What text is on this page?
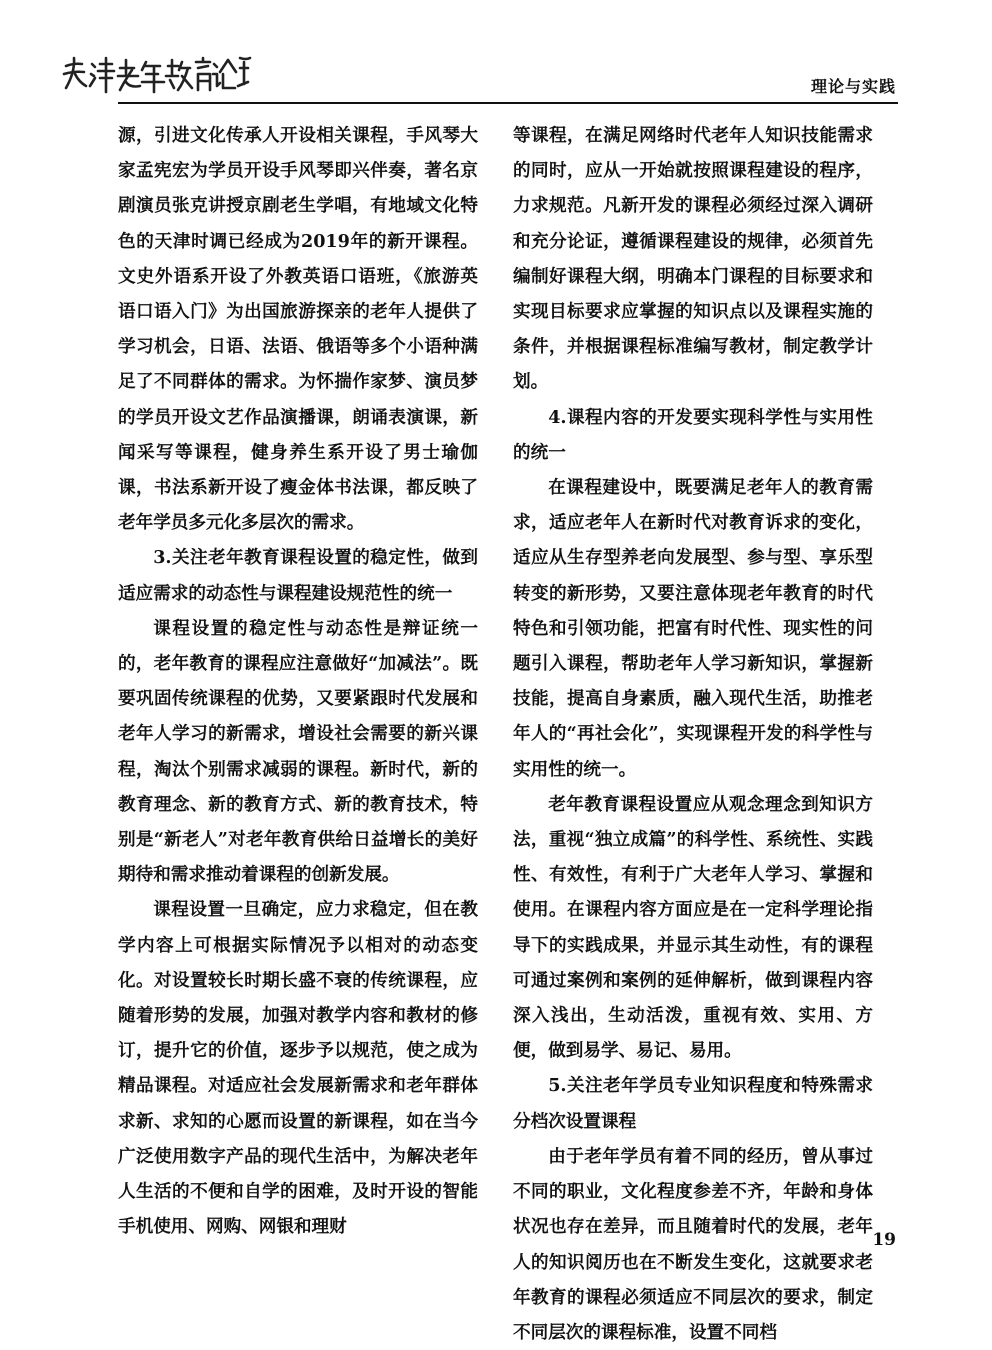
理论与实践

源，引进文化传承人开设相关课程，手风琴大家孟宪宏为学员开设手风琴即兴伴奏，著名京剧演员张克讲授京剧老生学唱，有地域文化特色的天津时调已经成为2019年的新开课程。文史外语系开设了外教英语口语班，《旅游英语口语入门》为出国旅游探亲的老年人提供了学习机会，日语、法语、俄语等多个小语种满足了不同群体的需求。为怀揣作家梦、演员梦的学员开设文艺作品演播课，朗诵表演课，新闻采写等课程，健身养生系开设了男士瑜伽课，书法系新开设了瘦金体书法课，都反映了老年学员多元化多层次的需求。

3.关注老年教育课程设置的稳定性，做到适应需求的动态性与课程建设规范性的统一

课程设置的稳定性与动态性是辩证统一的，老年教育的课程应注意做好“加减法”。既要巩固传统课程的优势，又要紧跟时代发展和老年人学习的新需求，增设社会需要的新兴课程，淘汰个别需求减弱的课程。新时代，新的教育理念、新的教育方式、新的教育技术，特别是“新老人”对老年教育供给日益增长的美好期待和需求推动着课程的创新发展。

课程设置一旦确定，应力求稳定，但在教学内容上可根据实际情况予以相对的动态变化。对设置较长时期长盛不衰的传统课程，应随着形势的发展，加强对教学内容和教材的修订，提升它的价值，逐步予以规范，使之成为精品课程。对适应社会发展新需求和老年群体求新、求知的心愿而设置的新课程，如在当今广泛使用数字产品的现代生活中，为解决老年人生活的不便和自学的困难，及时开设的智能手机使用、网购、网银和理财

等课程，在满足网络时代老年人知识技能需求的同时，应从一开始就按照课程建设的程序，力求规范。凡新开发的课程必须经过深入调研和充分论证，遵循课程建设的规律，必须首先编制好课程大纲，明确本门课程的目标要求和实现目标要求应掌握的知识点以及课程实施的条件，并根据课程标准编写教材，制定教学计划。

4.课程内容的开发要实现科学性与实用性的统一

在课程建设中，既要满足老年人的教育需求，适应老年人在新时代对教育诉求的变化，适应从生存型养老向发展型、参与型、享乐型转变的新形势，又要注意体现老年教育的时代特色和引领功能，把富有时代性、现实性的问题引入课程，帮助老年人学习新知识，掌握新技能，提高自身素质，融入现代生活，助推老年人的“再社会化”，实现课程开发的科学性与实用性的统一。

老年教育课程设置应从观念理念到知识方法，重视“独立成篇”的科学性、系统性、实践性、有效性，有利于广大老年人学习、掌握和使用。在课程内容方面应是在一定科学理论指导下的实践成果，并显示其生动性，有的课程可通过案例和案例的延伸解析，做到课程内容深入浅出，生动活泼，重视有效、实用、方便，做到易学、易记、易用。

5.关注老年学员专业知识程度和特殊需求分档次设置课程

由于老年学员有着不同的经历，曾从事过不同的职业，文化程度参差不齐，年龄和身体状况也存在差异，而且随着时代的发展，老年人的知识阅历也在不断发生变化，这就要求老年教育的课程必须适应不同层次的要求，制定不同层次的课程标准，设置不同档

19
